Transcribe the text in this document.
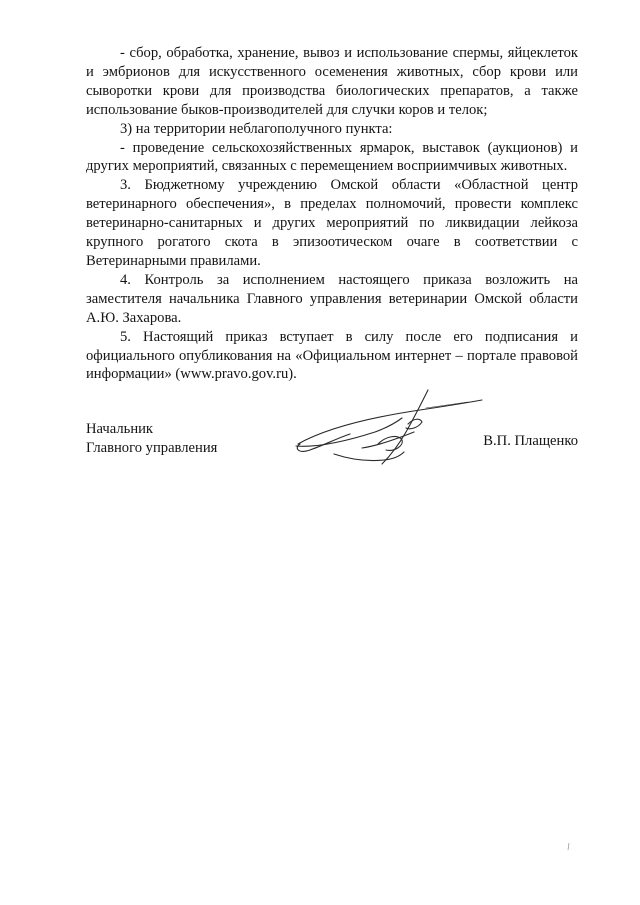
- сбор, обработка, хранение, вывоз и использование спермы, яйцеклеток и эмбрионов для искусственного осеменения животных, сбор крови или сыворотки крови для производства биологических препаратов, а также использование быков-производителей для случки коров и телок;

3) на территории неблагополучного пункта:

- проведение сельскохозяйственных ярмарок, выставок (аукционов) и других мероприятий, связанных с перемещением восприимчивых животных.

3. Бюджетному учреждению Омской области «Областной центр ветеринарного обеспечения», в пределах полномочий, провести комплекс ветеринарно-санитарных и других мероприятий по ликвидации лейкоза крупного рогатого скота в эпизоотическом очаге в соответствии с Ветеринарными правилами.

4. Контроль за исполнением настоящего приказа возложить на заместителя начальника Главного управления ветеринарии Омской области А.Ю. Захарова.

5. Настоящий приказ вступает в силу после его подписания и официального опубликования на «Официальном интернет – портале правовой информации» (www.pravo.gov.ru).

Начальник
Главного управления	В.П. Плащенко
